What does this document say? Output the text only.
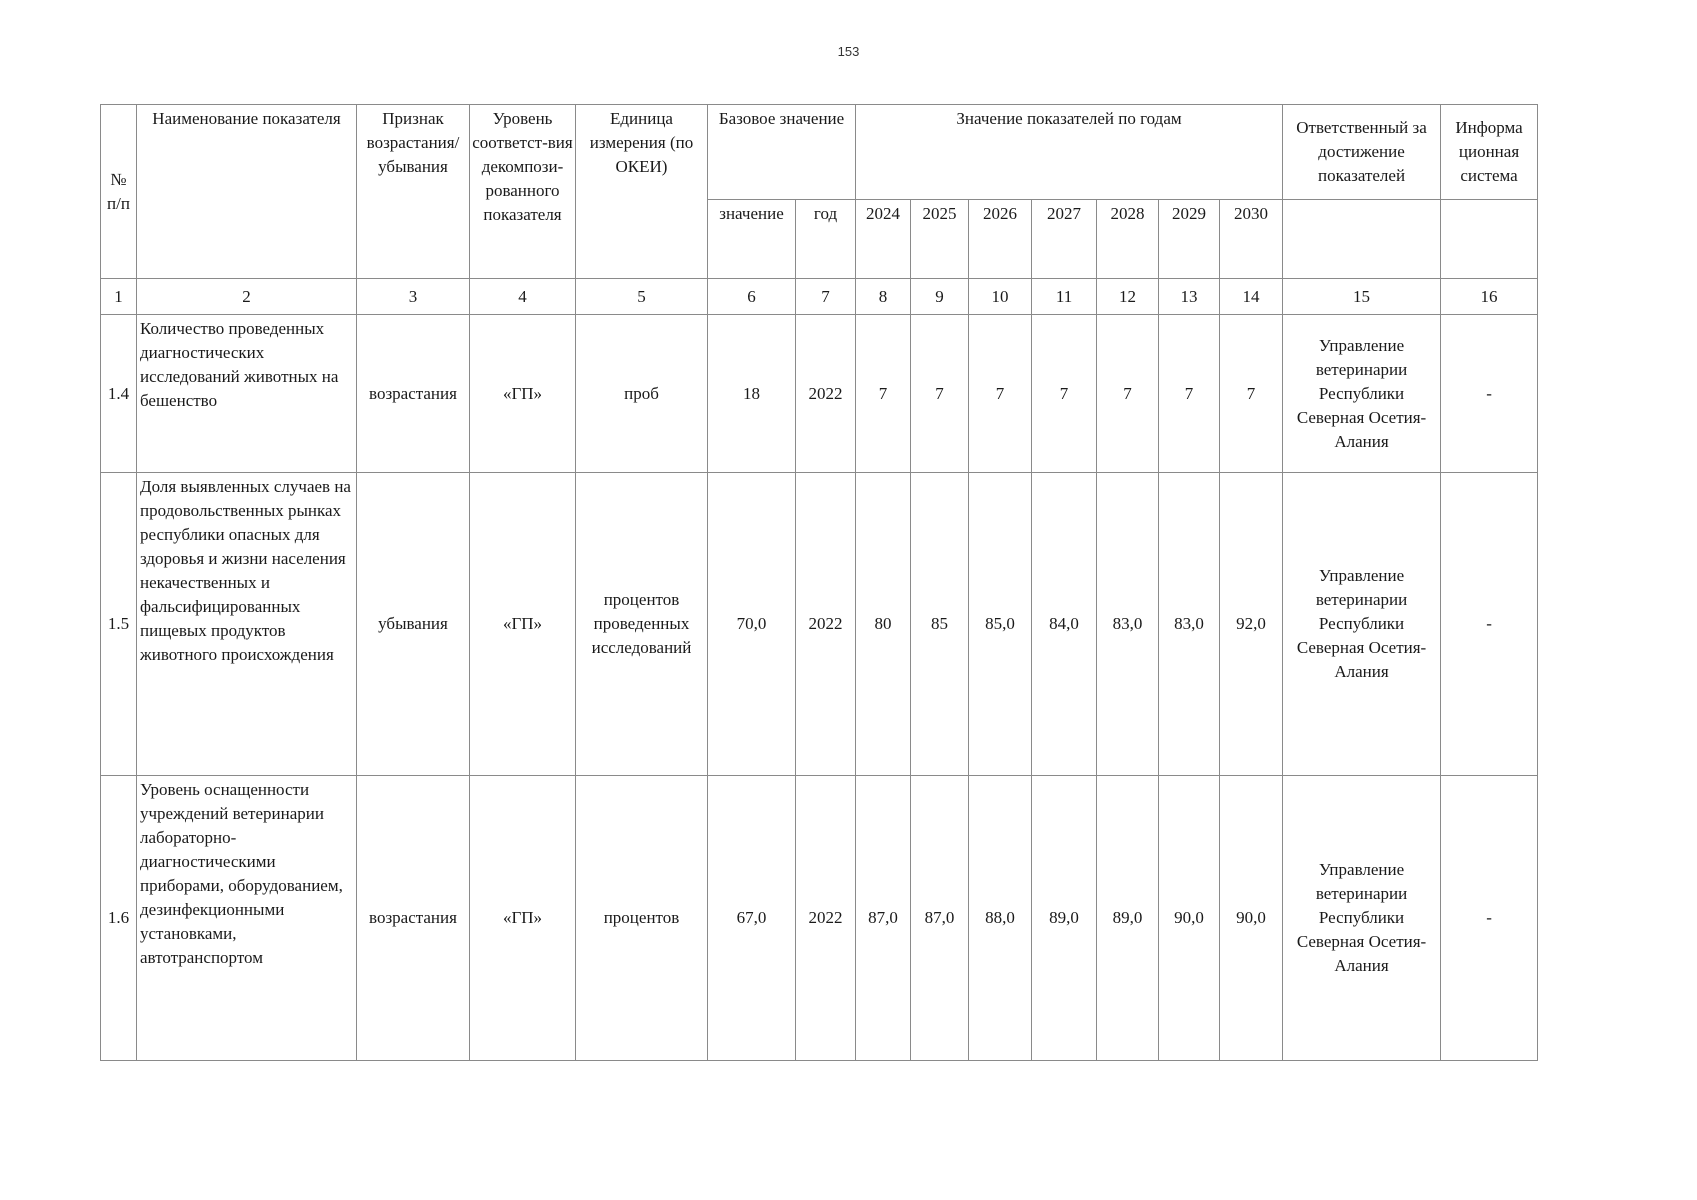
153
№ п/п	Наименование показателя	Признак возрастания/ убывания	Уровень соответст-вия декомпози-рованного показателя	Единица измерения (по ОКЕИ)	Базовое значение		Значение показателей по годам							Ответственный за достижение показателей	Информа ционная система
					значение	год	2024	2025	2026	2027	2028	2029	2030		
1	2	3	4	5	6	7	8	9	10	11	12	13	14	15	16
1.4	Количество проведенных диагностических исследований животных на бешенство	возрастания	«ГП»	проб	18	2022	7	7	7	7	7	7	7	Управление ветеринарии Республики Северная Осетия-Алания	-
1.5	Доля выявленных случаев на продовольственных рынках республики опасных для здоровья и жизни населения некачественных и фальсифицированных пищевых продуктов животного происхождения	убывания	«ГП»	процентов проведенных исследований	70,0	2022	80	85	85,0	84,0	83,0	83,0	92,0	Управление ветеринарии Республики Северная Осетия-Алания	-
1.6	Уровень оснащенности учреждений ветеринарии лабораторно-диагностическими приборами, оборудованием, дезинфекционными установками, автотранспортом	возрастания	«ГП»	процентов	67,0	2022	87,0	87,0	88,0	89,0	89,0	90,0	90,0	Управление ветеринарии Республики Северная Осетия-Алания	-
